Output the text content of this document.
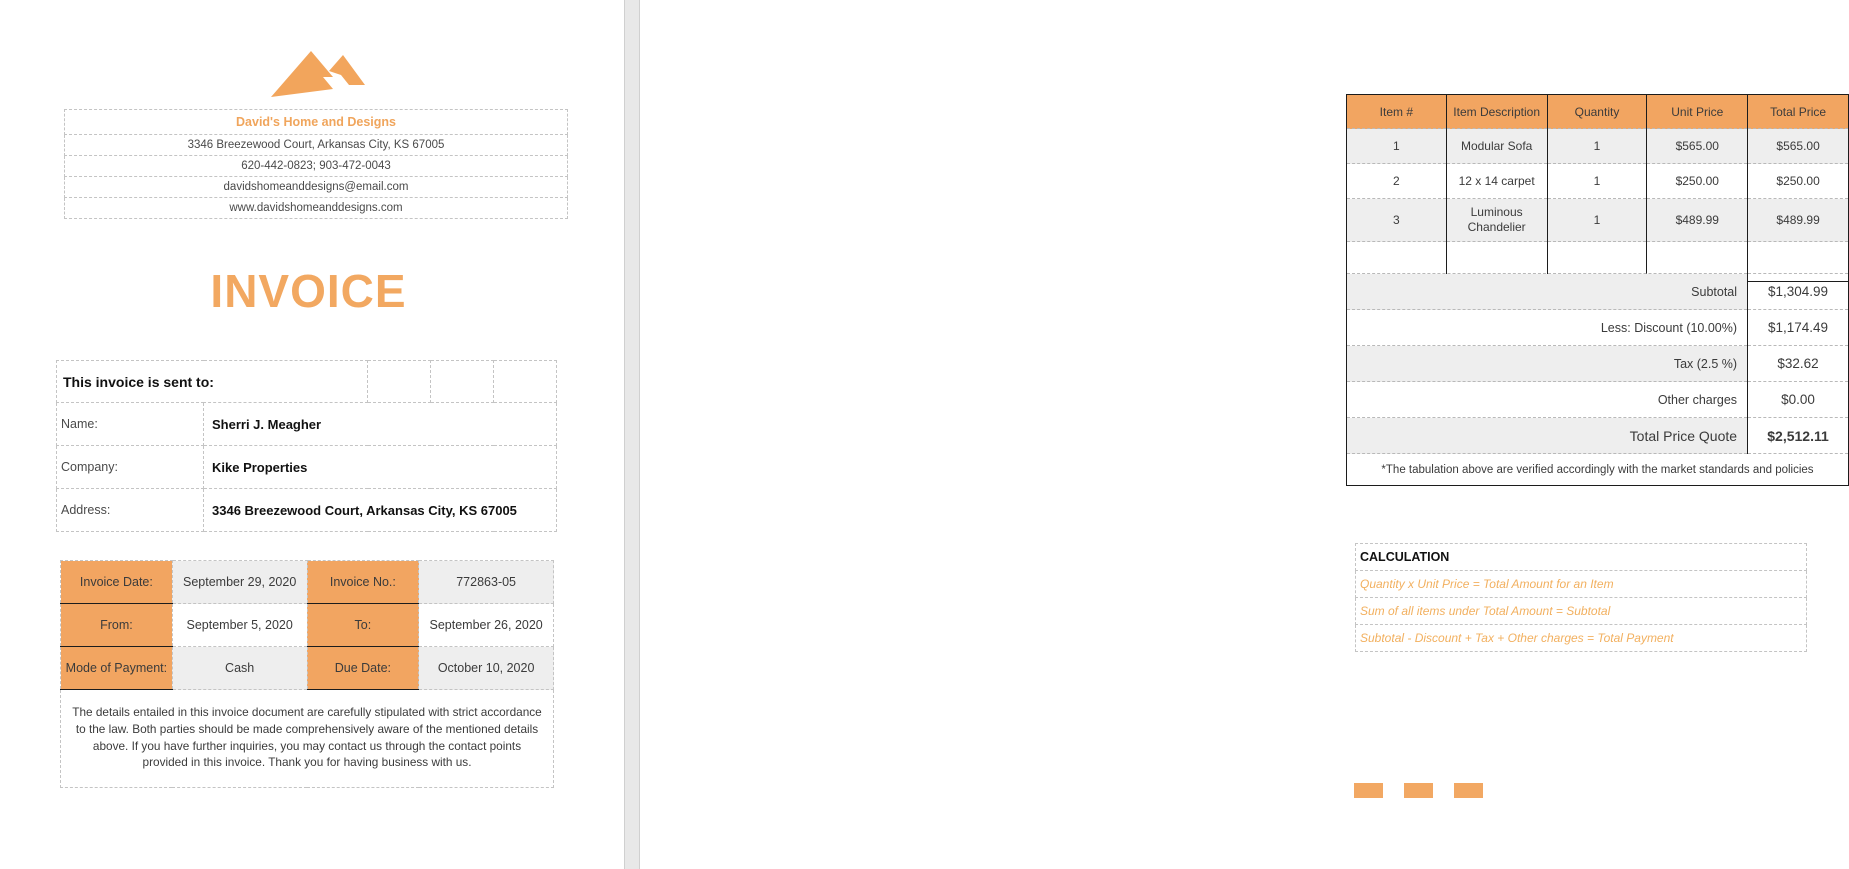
David's Home and Designs
3346 Breezewood Court, Arkansas City, KS 67005
620-442-0823; 903-472-0043
davidshomeanddesigns@email.com
www.davidshomeanddesigns.com
INVOICE
This invoice is sent to:				
Name:	Sherri J. Meagher			
Company:	Kike Properties			
Address:	3346 Breezewood Court, Arkansas City, KS 67005			
Invoice Date:	September 29, 2020	Invoice No.:	772863-05
From:	September 5, 2020	To:	September 26, 2020
Mode of Payment:	Cash	Due Date:	October 10, 2020
The details entailed in this invoice document are carefully stipulated with strict accordance to the law. Both parties should be made comprehensively aware of the mentioned details above. If you have further inquiries, you may contact us through the contact points provided in this invoice. Thank you for having business with us.			
Item #	Item Description	Quantity	Unit Price	Total Price
1	Modular Sofa	1	$565.00	$565.00
2	12 x 14 carpet	1	$250.00	$250.00
3	Luminous Chandelier	1	$489.99	$489.99

Subtotal	$1,304.99
Less: Discount (10.00%)	$1,174.49
Tax (2.5 %)	$32.62
Other charges	$0.00
Total Price Quote	$2,512.11
*The tabulation above are verified accordingly with the market standards and policies	
CALCULATION
Quantity x Unit Price = Total Amount for an Item
Sum of all items under Total Amount = Subtotal
Subtotal - Discount + Tax + Other charges = Total Payment
